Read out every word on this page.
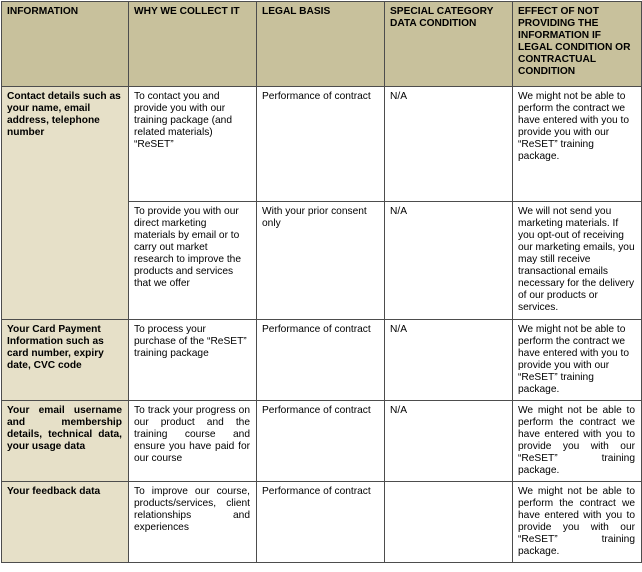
INFORMATION	WHY WE COLLECT IT	LEGAL BASIS	SPECIAL CATEGORY DATA CONDITION	EFFECT OF NOT PROVIDING THE INFORMATION IF LEGAL CONDITION OR CONTRACTUAL CONDITION
Contact details such as your name, email address, telephone number	To contact you and provide you with our training package (and related materials) “ReSET”	Performance of contract	N/A	We might not be able to perform the contract we have entered with you to provide you with our “ReSET” training package.
	To provide you with our direct marketing materials by email or to carry out market research to improve the products and services that we offer	With your prior consent only	N/A	We will not send you marketing materials. If you opt-out of receiving our marketing emails, you may still receive transactional emails necessary for the delivery of our products or services.
Your Card Payment Information such as card number, expiry date, CVC code	To process your purchase of the “ReSET” training package	Performance of contract	N/A	We might not be able to perform the contract we have entered with you to provide you with our “ReSET” training package.
Your email username and membership details, technical data, your usage data	To track your progress on our product and the training course and ensure you have paid for our course	Performance of contract	N/A	We might not be able to perform the contract we have entered with you to provide you with our “ReSET” training package.
Your feedback data	To improve our course, products/services, client relationships and experiences	Performance of contract		We might not be able to perform the contract we have entered with you to provide you with our “ReSET” training package.
